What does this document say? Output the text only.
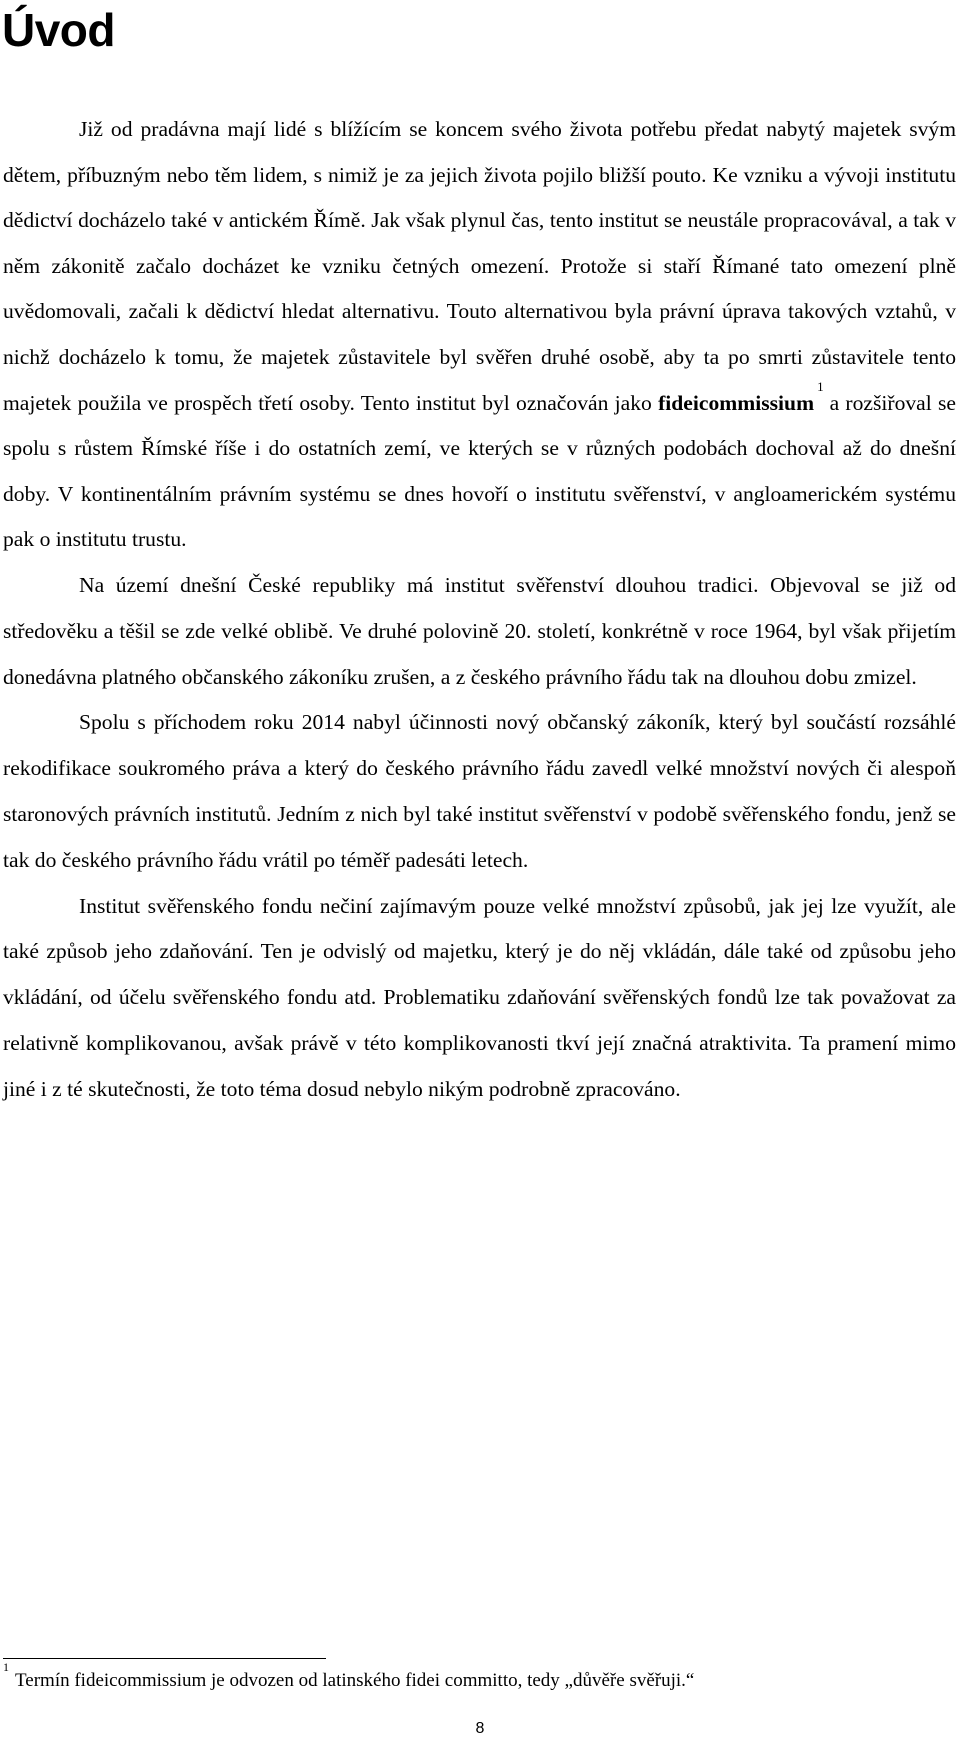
Úvod

Již od pradávna mají lidé s blížícím se koncem svého života potřebu předat nabytý majetek svým dětem, příbuzným nebo těm lidem, s nimiž je za jejich života pojilo bližší pouto. Ke vzniku a vývoji institutu dědictví docházelo také v antickém Římě. Jak však plynul čas, tento institut se neustále propracovával, a tak v něm zákonitě začalo docházet ke vzniku četných omezení. Protože si staří Římané tato omezení plně uvědomovali, začali k dědictví hledat alternativu. Touto alternativou byla právní úprava takových vztahů, v nichž docházelo k tomu, že majetek zůstavitele byl svěřen druhé osobě, aby ta po smrti zůstavitele tento majetek použila ve prospěch třetí osoby. Tento institut byl označován jako fideicommissium$^1$a rozšiřoval se spolu s růstem Římské říše i do ostatních zemí, ve kterých se v různých podobách dochoval až do dnešní doby. V kontinentálním právním systému se dnes hovoří o institutu svěřenství, v angloamerickém systému pak o institutu trustu.

Na území dnešní České republiky má institut svěřenství dlouhou tradici. Objevoval se již od středověku a těšil se zde velké oblibě. Ve druhé polovině 20. století, konkrétně v roce 1964, byl však přijetím donedávna platného občanského zákoníku zrušen, a z českého právního řádu tak na dlouhou dobu zmizel.

Spolu s příchodem roku 2014 nabyl účinnosti nový občanský zákoník, který byl součástí rozsáhlé rekodifikace soukromého práva a který do českého právního řádu zavedl velké množství nových či alespoň staronových právních institutů. Jedním z nich byl také institut svěřenství v podobě svěřenského fondu, jenž se tak do českého právního řádu vrátil po téměř padesáti letech.

Institut svěřenského fondu nečiní zajímavým pouze velké množství způsobů, jak jej lze využít, ale také způsob jeho zdaňování. Ten je odvislý od majetku, který je do něj vkládán, dále také od způsobu jeho vkládání, od účelu svěřenského fondu atd. Problematiku zdaňování svěřenských fondů lze tak považovat za relativně komplikovanou, avšak právě v této komplikovanosti tkví její značná atraktivita. Ta pramení mimo jiné i z té skutečnosti, že toto téma dosud nebylo nikým podrobně zpracováno.

$^1$Termín fideicommissium je odvozen od latinského fidei committo, tedy „důvěře svěřuji.“

8
